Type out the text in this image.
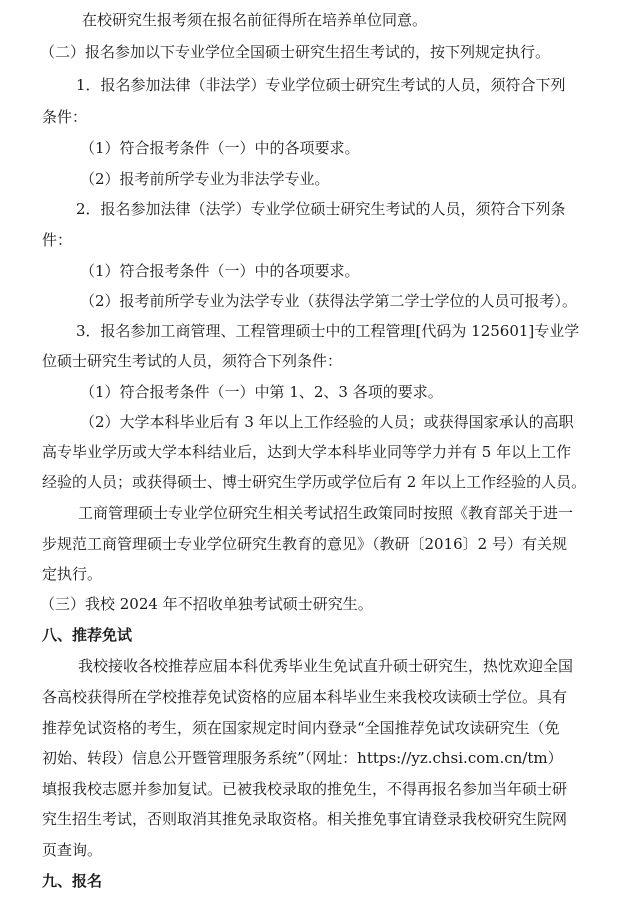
在校研究生报考须在报名前征得所在培养单位同意。
（二）报名参加以下专业学位全国硕士研究生招生考试的，按下列规定执行。
1．报名参加法律（非法学）专业学位硕士研究生考试的人员，须符合下列
条件：
（1）符合报考条件（一）中的各项要求。
（2）报考前所学专业为非法学专业。
2．报名参加法律（法学）专业学位硕士研究生考试的人员，须符合下列条
件：
（1）符合报考条件（一）中的各项要求。
（2）报考前所学专业为法学专业（获得法学第二学士学位的人员可报考）。
3．报名参加工商管理、工程管理硕士中的工程管理[代码为 125601]专业学
位硕士研究生考试的人员，须符合下列条件：
（1）符合报考条件（一）中第 1、2、3 各项的要求。
（2）大学本科毕业后有 3 年以上工作经验的人员；或获得国家承认的高职
高专毕业学历或大学本科结业后，达到大学本科毕业同等学力并有 5 年以上工作
经验的人员；或获得硕士、博士研究生学历或学位后有 2 年以上工作经验的人员。
工商管理硕士专业学位研究生相关考试招生政策同时按照《教育部关于进一
步规范工商管理硕士专业学位研究生教育的意见》（教研〔2016〕2 号）有关规
定执行。
（三）我校 2024 年不招收单独考试硕士研究生。
八、推荐免试
我校接收各校推荐应届本科优秀毕业生免试直升硕士研究生，热忱欢迎全国
各高校获得所在学校推荐免试资格的应届本科毕业生来我校攻读硕士学位。具有
推荐免试资格的考生，须在国家规定时间内登录“全国推荐免试攻读研究生（免
初始、转段）信息公开暨管理服务系统”（网址：https://yz.chsi.com.cn/tm）
填报我校志愿并参加复试。已被我校录取的推免生，不得再报名参加当年硕士研
究生招生考试，否则取消其推免录取资格。相关推免事宜请登录我校研究生院网
页查询。
九、报名
